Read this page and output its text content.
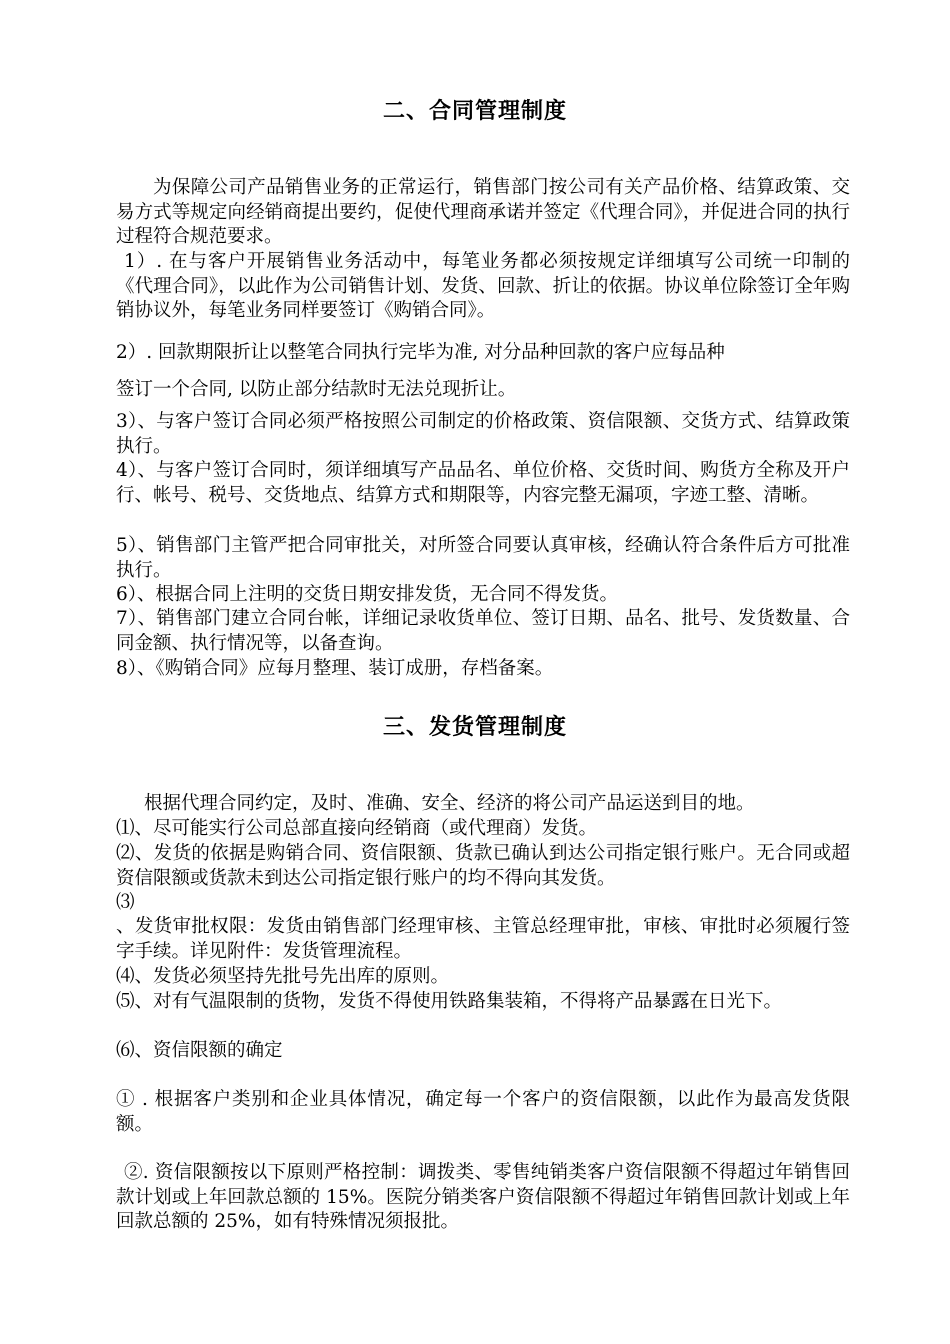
二、合同管理制度
为保障公司产品销售业务的正常运行，销售部门按公司有关产品价格、结算政策、交易方式等规定向经销商提出要约，促使代理商承诺并签定《代理合同》，并促进合同的执行过程符合规范要求。
1）. 在与客户开展销售业务活动中，每笔业务都必须按规定详细填写公司统一印制的《代理合同》，以此作为公司销售计划、发货、回款、折让的依据。协议单位除签订全年购销协议外，每笔业务同样要签订《购销合同》。
2）. 回款期限折让以整笔合同执行完毕为准, 对分品种回款的客户应每品种
签订一个合同, 以防止部分结款时无法兑现折让。
3）、与客户签订合同必须严格按照公司制定的价格政策、资信限额、交货方式、结算政策执行。
4）、与客户签订合同时，须详细填写产品品名、单位价格、交货时间、购货方全称及开户行、帐号、税号、交货地点、结算方式和期限等，内容完整无漏项，字迹工整、清晰。
5）、销售部门主管严把合同审批关，对所签合同要认真审核，经确认符合条件后方可批准执行。
6）、根据合同上注明的交货日期安排发货，无合同不得发货。
7）、销售部门建立合同台帐，详细记录收货单位、签订日期、品名、批号、发货数量、合同金额、执行情况等，以备查询。
8）、《购销合同》应每月整理、装订成册，存档备案。
三、发货管理制度
根据代理合同约定，及时、准确、安全、经济的将公司产品运送到目的地。
⑴、尽可能实行公司总部直接向经销商（或代理商）发货。
⑵、发货的依据是购销合同、资信限额、货款已确认到达公司指定银行账户。无合同或超资信限额或货款未到达公司指定银行账户的均不得向其发货。
⑶
、发货审批权限：发货由销售部门经理审核、主管总经理审批，审核、审批时必须履行签字手续。详见附件：发货管理流程。
⑷、发货必须坚持先批号先出库的原则。
⑸、对有气温限制的货物，发货不得使用铁路集装箱，不得将产品暴露在日光下。
⑹、资信限额的确定
① . 根据客户类别和企业具体情况，确定每一个客户的资信限额，以此作为最高发货限额。
②. 资信限额按以下原则严格控制：调拨类、零售纯销类客户资信限额不得超过年销售回款计划或上年回款总额的 15%。医院分销类客户资信限额不得超过年销售回款计划或上年回款总额的 25%，如有特殊情况须报批。
